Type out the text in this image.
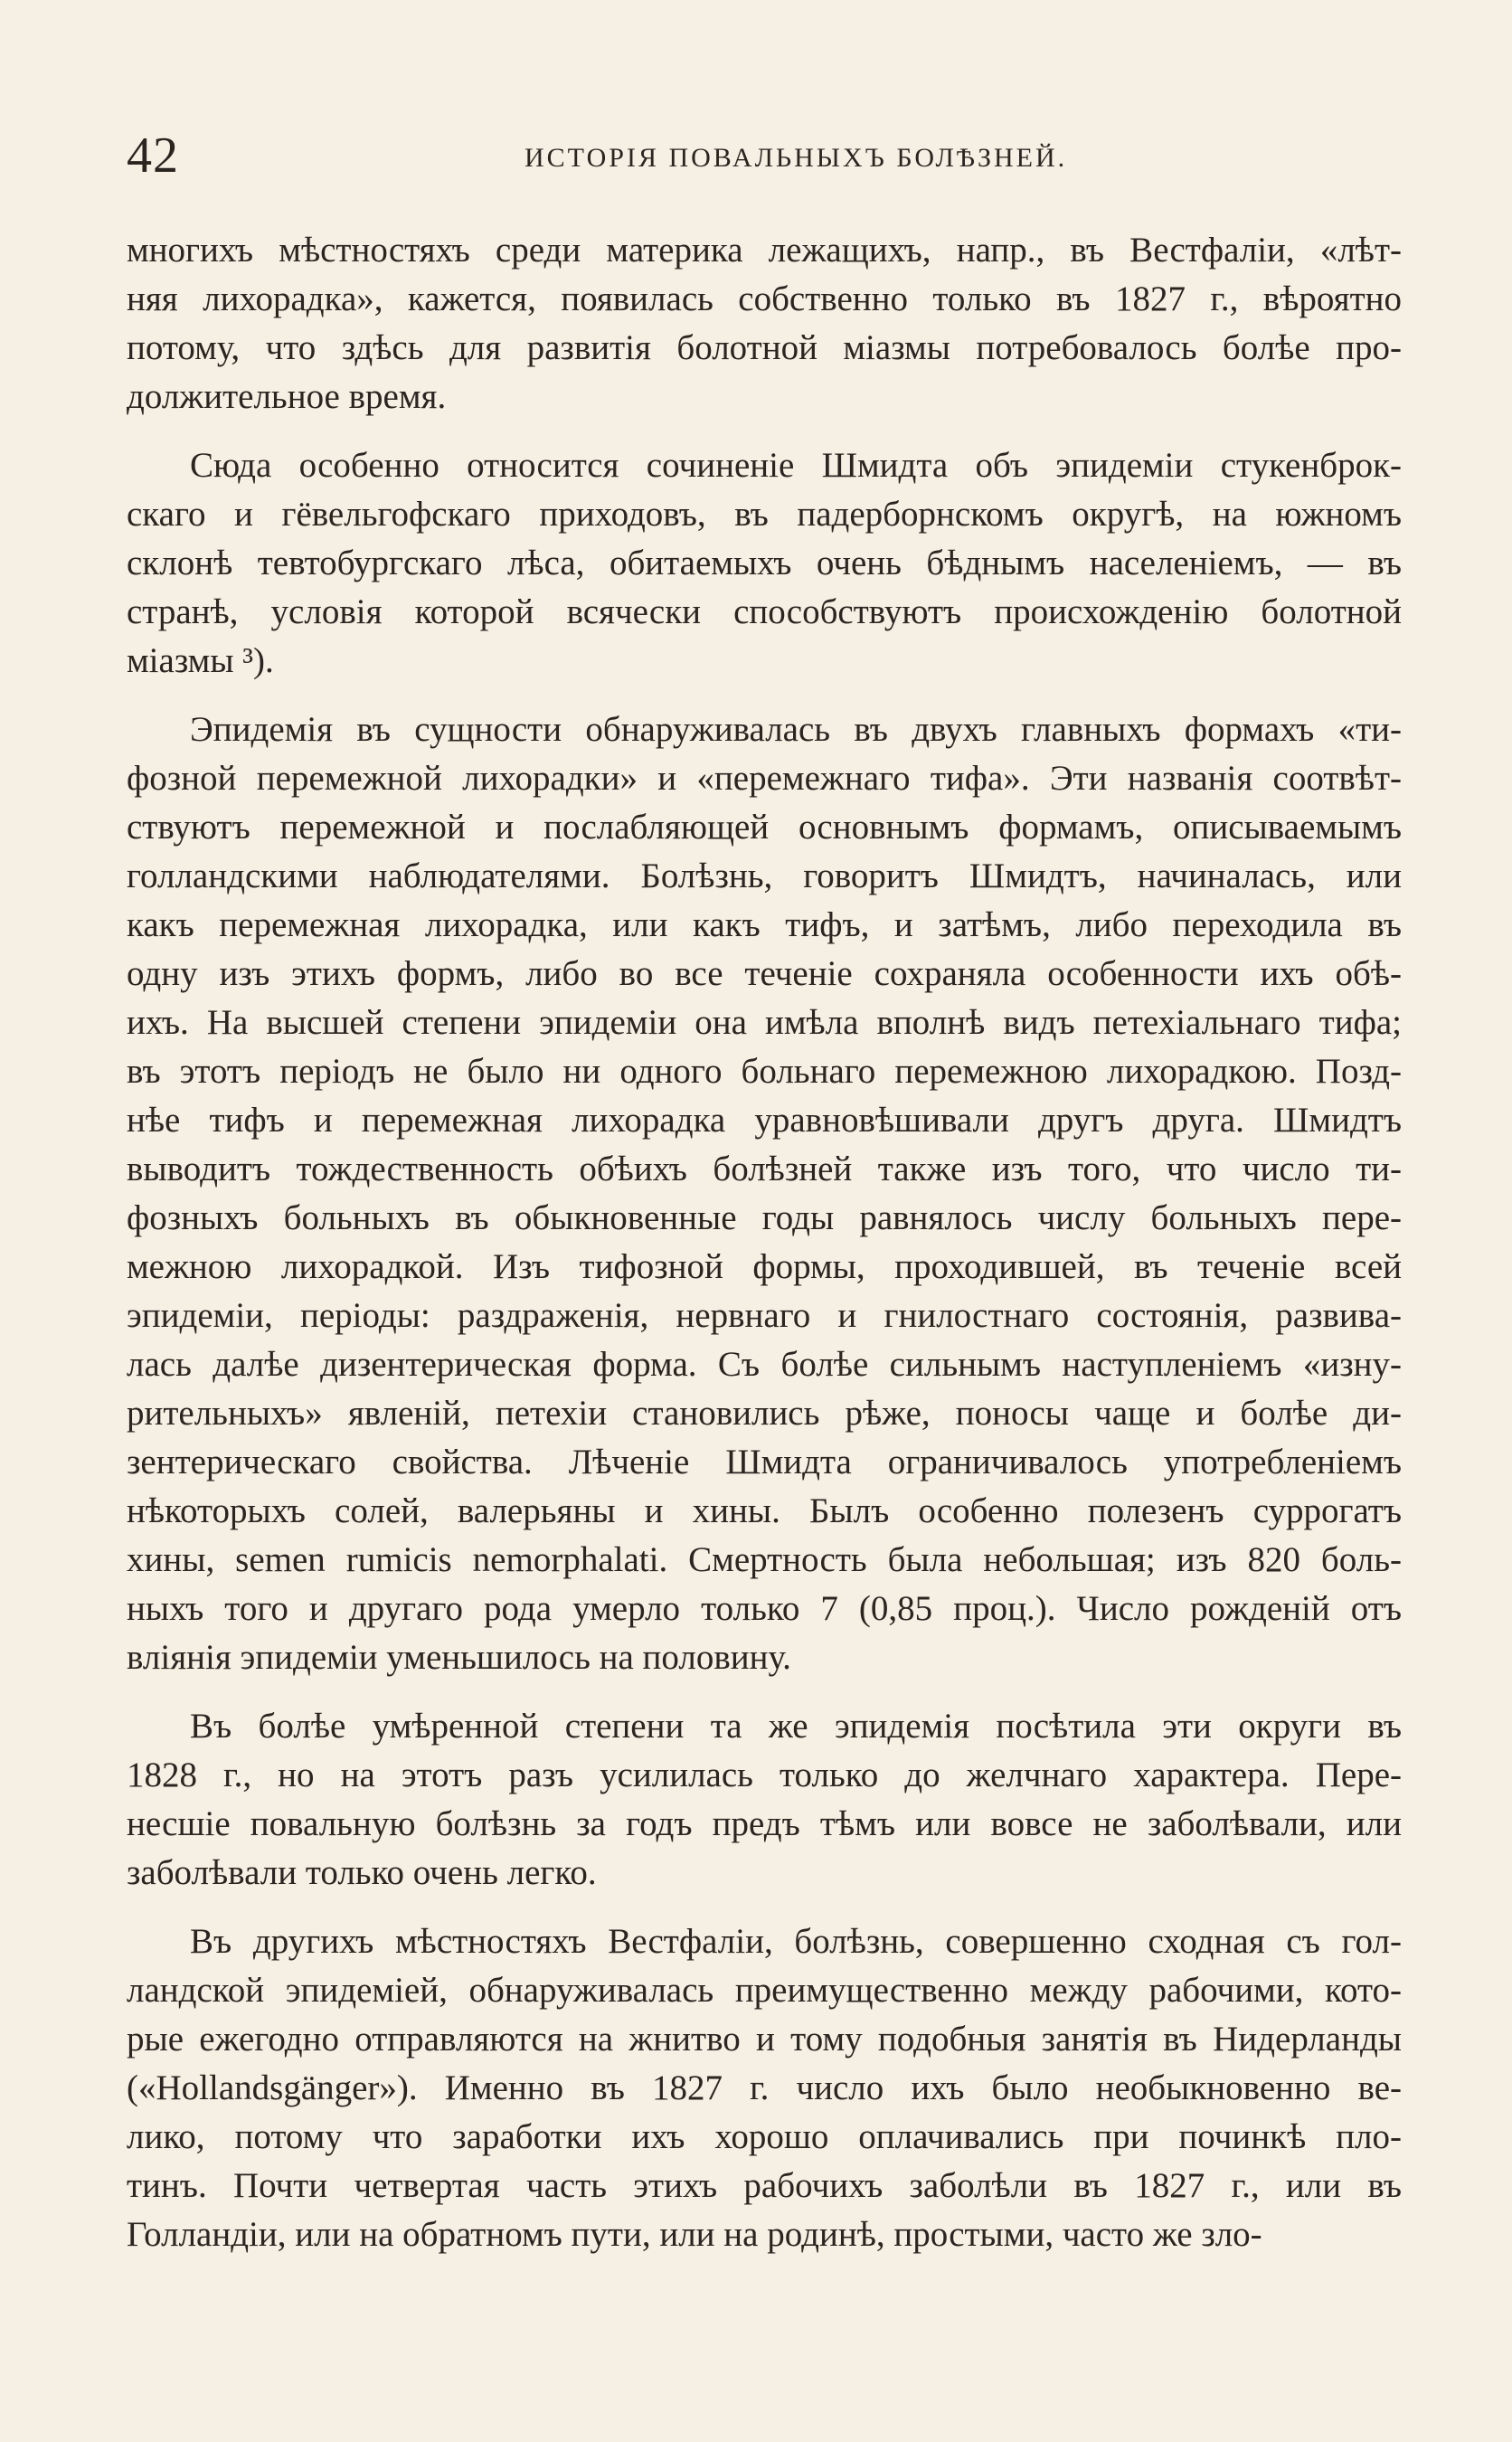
42	ИСТОРІЯ ПОВАЛЬНЫХЪ БОЛѢЗНЕЙ.
многихъ мѣстностяхъ среди материка лежащихъ, напр., въ Вестфаліи, «лѣт-
няя лихорадка», кажется, появилась собственно только въ 1827 г., вѣроятно
потому, что здѣсь для развитія болотной міазмы потребовалось болѣе про-
должительное время.
Сюда особенно относится сочиненіе Шмидта объ эпидеміи стукенброк-
скаго и гёвельгофскаго приходовъ, въ падерборнскомъ округѣ, на южномъ
склонѣ тевтобургскаго лѣса, обитаемыхъ очень бѣднымъ населеніемъ, — въ
странѣ, условія которой всячески способствуютъ происхожденію болотной
міазмы ³).
Эпидемія въ сущности обнаруживалась въ двухъ главныхъ формахъ «ти-
фозной перемежной лихорадки» и «перемежнаго тифа». Эти названія соотвѣт-
ствуютъ перемежной и послабляющей основнымъ формамъ, описываемымъ
голландскими наблюдателями. Болѣзнь, говоритъ Шмидтъ, начиналась, или
какъ перемежная лихорадка, или какъ тифъ, и затѣмъ, либо переходила въ
одну изъ этихъ формъ, либо во все теченіе сохраняла особенности ихъ обѣ-
ихъ. На высшей степени эпидеміи она имѣла вполнѣ видъ петехіальнаго тифа;
въ этотъ періодъ не было ни одного больнаго перемежною лихорадкою. Позд-
нѣе тифъ и перемежная лихорадка уравновѣшивали другъ друга. Шмидтъ
выводитъ тождественность обѣихъ болѣзней также изъ того, что число ти-
фозныхъ больныхъ въ обыкновенные годы равнялось числу больныхъ пере-
межною лихорадкой. Изъ тифозной формы, проходившей, въ теченіе всей
эпидеміи, періоды: раздраженія, нервнаго и гнилостнаго состоянія, развива-
лась далѣе дизентерическая форма. Съ болѣе сильнымъ наступленіемъ «изну-
рительныхъ» явленій, петехіи становились рѣже, поносы чаще и болѣе ди-
зентерическаго свойства. Лѣченіе Шмидта ограничивалось употребленіемъ
нѣкоторыхъ солей, валерьяны и хины. Былъ особенно полезенъ суррогатъ
хины, semen rumicis nemorphalati. Смертность была небольшая; изъ 820 боль-
ныхъ того и другаго рода умерло только 7 (0,85 проц.). Число рожденій отъ
вліянія эпидеміи уменьшилось на половину.
Въ болѣе умѣренной степени та же эпидемія посѣтила эти округи въ
1828 г., но на этотъ разъ усилилась только до желчнаго характера. Пере-
несшіе повальную болѣзнь за годъ предъ тѣмъ или вовсе не заболѣвали, или
заболѣвали только очень легко.
Въ другихъ мѣстностяхъ Вестфаліи, болѣзнь, совершенно сходная съ гол-
ландской эпидеміей, обнаруживалась преимущественно между рабочими, кото-
рые ежегодно отправляются на жнитво и тому подобныя занятія въ Нидерланды
(«Hollandsgänger»). Именно въ 1827 г. число ихъ было необыкновенно ве-
лико, потому что заработки ихъ хорошо оплачивались при починкѣ пло-
тинъ. Почти четвертая часть этихъ рабочихъ заболѣли въ 1827 г., или въ
Голландіи, или на обратномъ пути, или на родинѣ, простыми, часто же зло-
